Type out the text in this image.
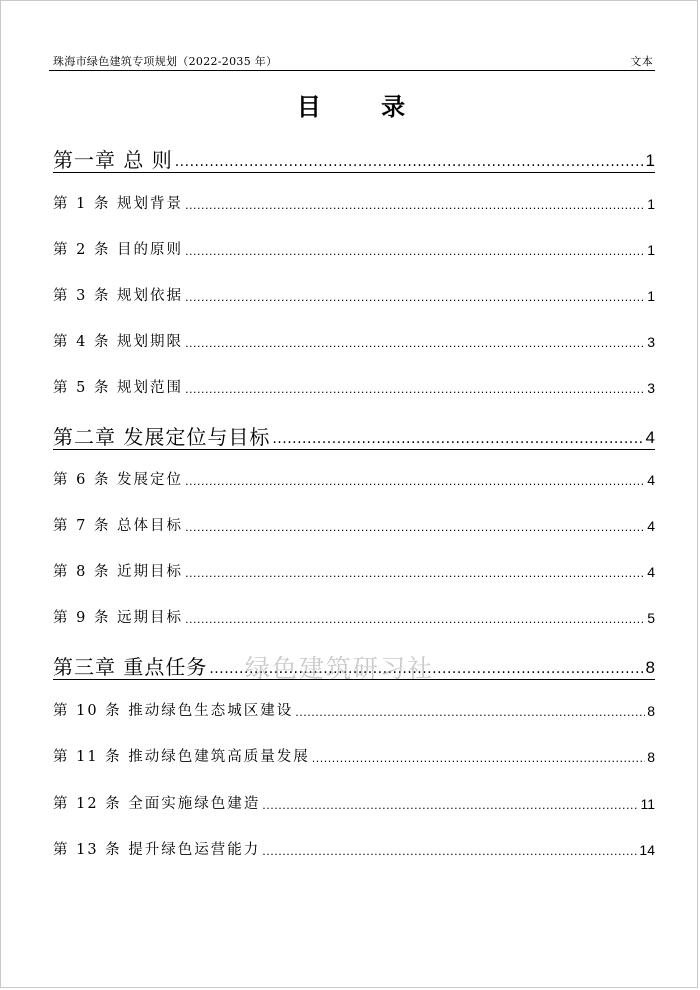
珠海市绿色建筑专项规划（2022-2035 年）	文本
目 录
第一章 总 则 .....	1
第 1 条 规划背景 .....	1
第 2 条 目的原则 .....	1
第 3 条 规划依据 .....	1
第 4 条 规划期限 .....	3
第 5 条 规划范围 .....	3
第二章 发展定位与目标 .....	4
第 6 条 发展定位 .....	4
第 7 条 总体目标 .....	4
第 8 条 近期目标 .....	4
第 9 条 远期目标 .....	5
第三章 重点任务 .....	8
第 10 条 推动绿色生态城区建设 .....	8
第 11 条 推动绿色建筑高质量发展 .....	8
第 12 条 全面实施绿色建造 .....	11
第 13 条 提升绿色运营能力 .....	14
绿色建筑研习社
